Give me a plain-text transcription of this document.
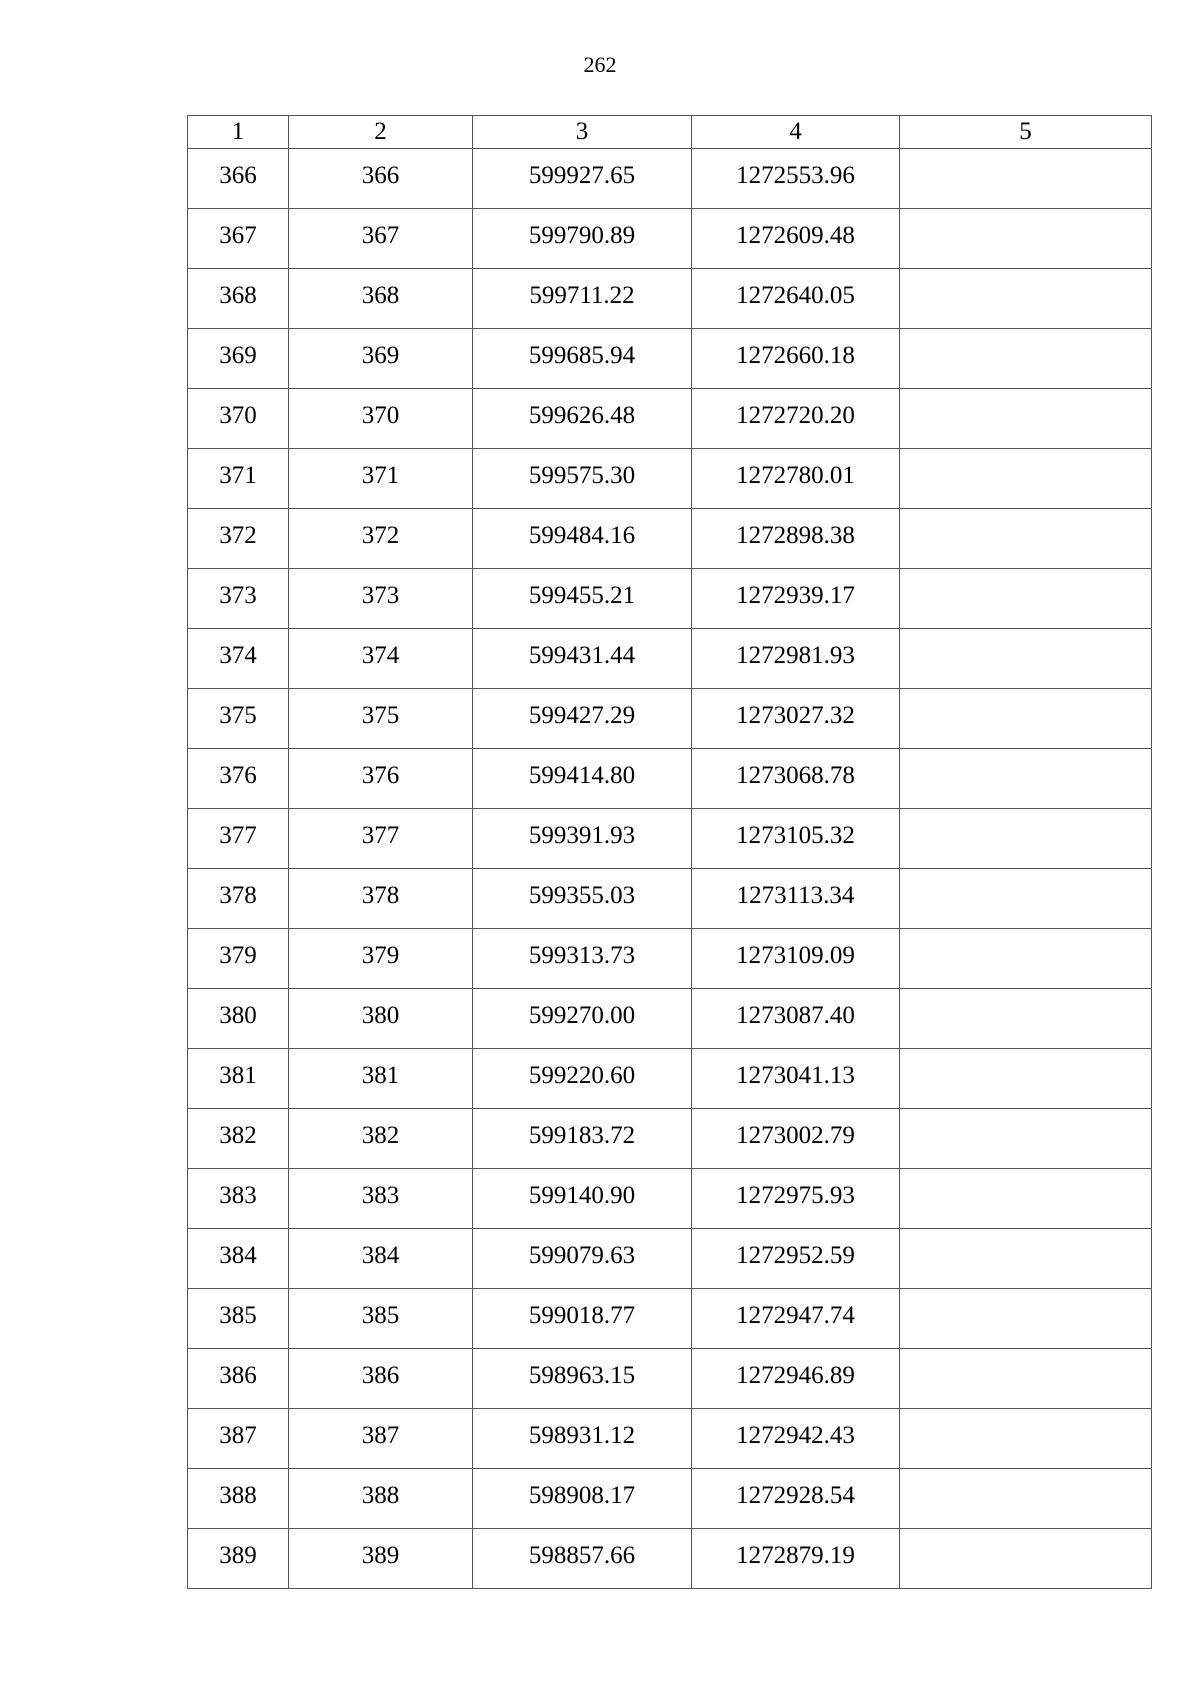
262
1	2	3	4	5
366	366	599927.65	1272553.96	
367	367	599790.89	1272609.48	
368	368	599711.22	1272640.05	
369	369	599685.94	1272660.18	
370	370	599626.48	1272720.20	
371	371	599575.30	1272780.01	
372	372	599484.16	1272898.38	
373	373	599455.21	1272939.17	
374	374	599431.44	1272981.93	
375	375	599427.29	1273027.32	
376	376	599414.80	1273068.78	
377	377	599391.93	1273105.32	
378	378	599355.03	1273113.34	
379	379	599313.73	1273109.09	
380	380	599270.00	1273087.40	
381	381	599220.60	1273041.13	
382	382	599183.72	1273002.79	
383	383	599140.90	1272975.93	
384	384	599079.63	1272952.59	
385	385	599018.77	1272947.74	
386	386	598963.15	1272946.89	
387	387	598931.12	1272942.43	
388	388	598908.17	1272928.54	
389	389	598857.66	1272879.19	
